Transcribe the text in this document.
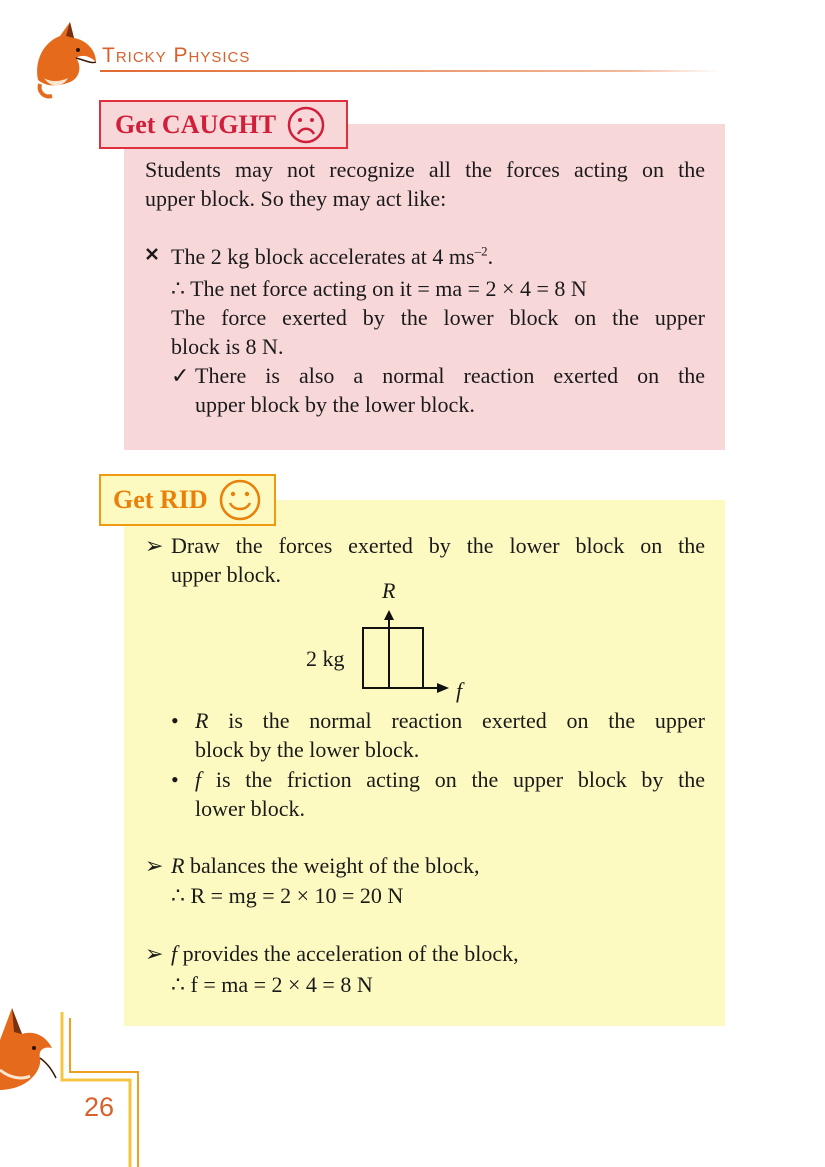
Tricky Physics
Get CAUGHT
Students may not recognize all the forces acting on the
upper block. So they may act like:
The 2 kg block accelerates at 4 $ms^{-2}$.
∴ The net force acting on it = ma = 2 × 4 = 8 N
The force exerted by the lower block on the upper
block is 8 N.
✓ There is also a normal reaction exerted on the
upper block by the lower block.
Get RID
➢ Draw the forces exerted by the lower block on the
upper block.
R
2 kg
f
• R is the normal reaction exerted on the upper
block by the lower block.
• f is the friction acting on the upper block by the
lower block.
➢ R balances the weight of the block,
∴ R = mg = 2 × 10 = 20 N
➢ f provides the acceleration of the block,
∴ f = ma = 2 × 4 = 8 N
26
